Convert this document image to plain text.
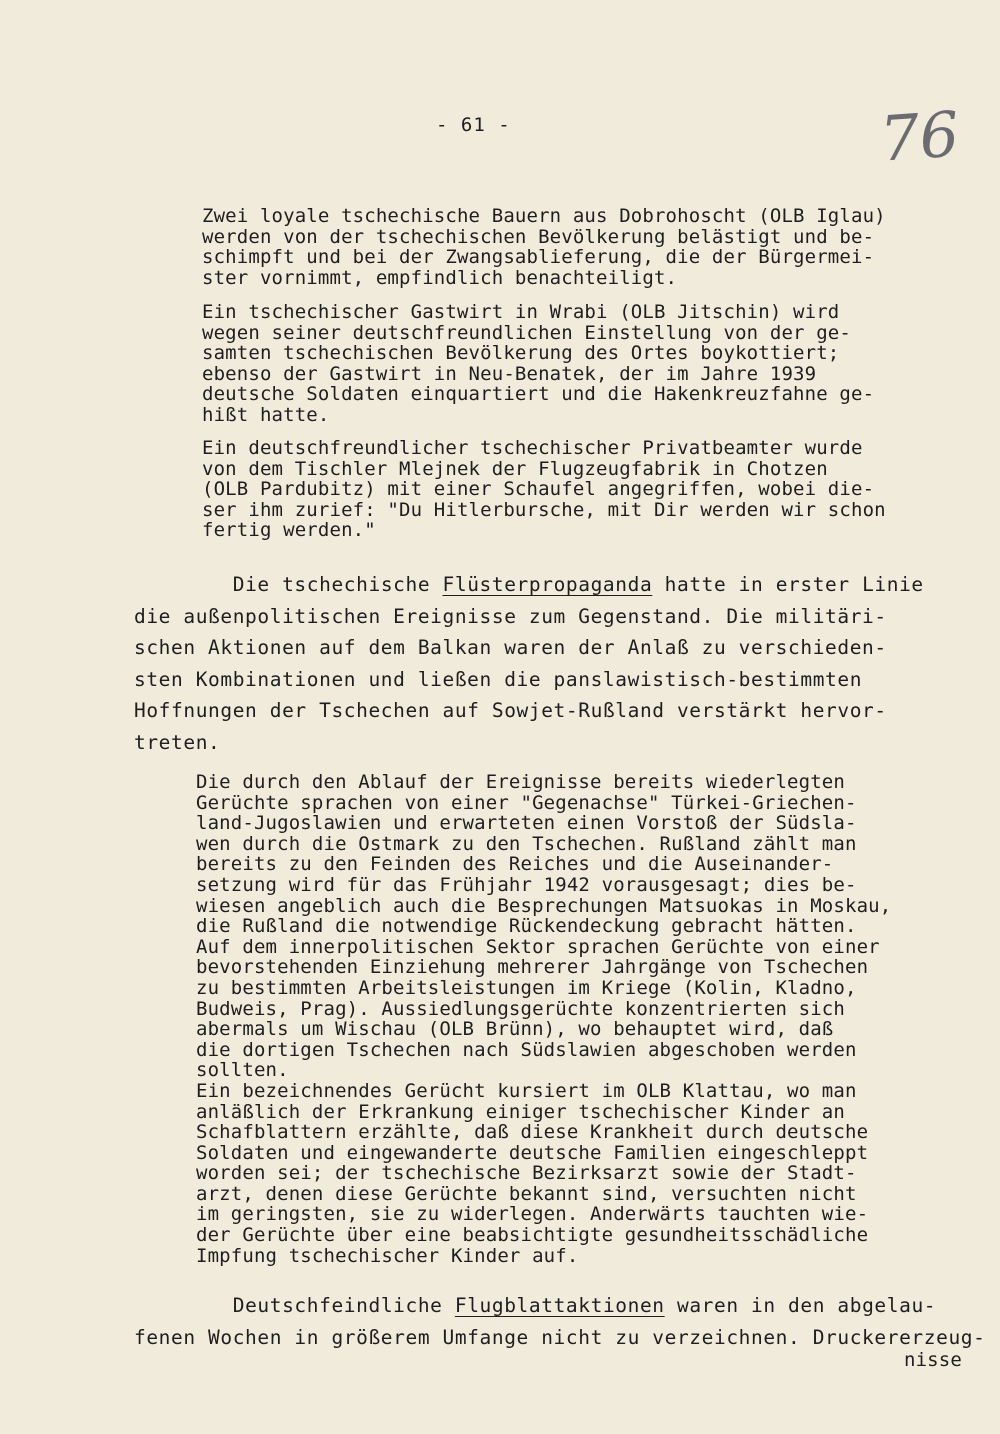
- 61 -	76
Zwei loyale tschechische Bauern aus Dobrohoscht (OLB Iglau)
werden von der tschechischen Bevölkerung belästigt und be-
schimpft und bei der Zwangsablieferung, die der Bürgermei-
ster vornimmt, empfindlich benachteiligt.
Ein tschechischer Gastwirt in Wrabi (OLB Jitschin) wird
wegen seiner deutschfreundlichen Einstellung von der ge-
samten tschechischen Bevölkerung des Ortes boykottiert;
ebenso der Gastwirt in Neu-Benatek, der im Jahre 1939
deutsche Soldaten einquartiert und die Hakenkreuzfahne ge-
hißt hatte.
Ein deutschfreundlicher tschechischer Privatbeamter wurde
von dem Tischler Mlejnek der Flugzeugfabrik in Chotzen
(OLB Pardubitz) mit einer Schaufel angegriffen, wobei die-
ser ihm zurief: "Du Hitlerbursche, mit Dir werden wir schon
fertig werden."
Die tschechische Flüsterpropaganda hatte in erster Linie
die außenpolitischen Ereignisse zum Gegenstand. Die militäri-
schen Aktionen auf dem Balkan waren der Anlaß zu verschieden-
sten Kombinationen und ließen die panslawistisch-bestimmten
Hoffnungen der Tschechen auf Sowjet-Rußland verstärkt hervor-
treten.
Die durch den Ablauf der Ereignisse bereits wiederlegten
Gerüchte sprachen von einer "Gegenachse" Türkei-Griechen-
land-Jugoslawien und erwarteten einen Vorstoß der Südsla-
wen durch die Ostmark zu den Tschechen. Rußland zählt man
bereits zu den Feinden des Reiches und die Auseinander-
setzung wird für das Frühjahr 1942 vorausgesagt; dies be-
wiesen angeblich auch die Besprechungen Matsuokas in Moskau,
die Rußland die notwendige Rückendeckung gebracht hätten.
Auf dem innerpolitischen Sektor sprachen Gerüchte von einer
bevorstehenden Einziehung mehrerer Jahrgänge von Tschechen
zu bestimmten Arbeitsleistungen im Kriege (Kolin, Kladno,
Budweis, Prag). Aussiedlungsgerüchte konzentrierten sich
abermals um Wischau (OLB Brünn), wo behauptet wird, daß
die dortigen Tschechen nach Südslawien abgeschoben werden
sollten.
Ein bezeichnendes Gerücht kursiert im OLB Klattau, wo man
anläßlich der Erkrankung einiger tschechischer Kinder an
Schafblattern erzählte, daß diese Krankheit durch deutsche
Soldaten und eingewanderte deutsche Familien eingeschleppt
worden sei; der tschechische Bezirksarzt sowie der Stadt-
arzt, denen diese Gerüchte bekannt sind, versuchten nicht
im geringsten, sie zu widerlegen. Anderwärts tauchten wie-
der Gerüchte über eine beabsichtigte gesundheitsschädliche
Impfung tschechischer Kinder auf.
Deutschfeindliche Flugblattaktionen waren in den abgelau-
fenen Wochen in größerem Umfange nicht zu verzeichnen. Druckererzeug-
nisse
